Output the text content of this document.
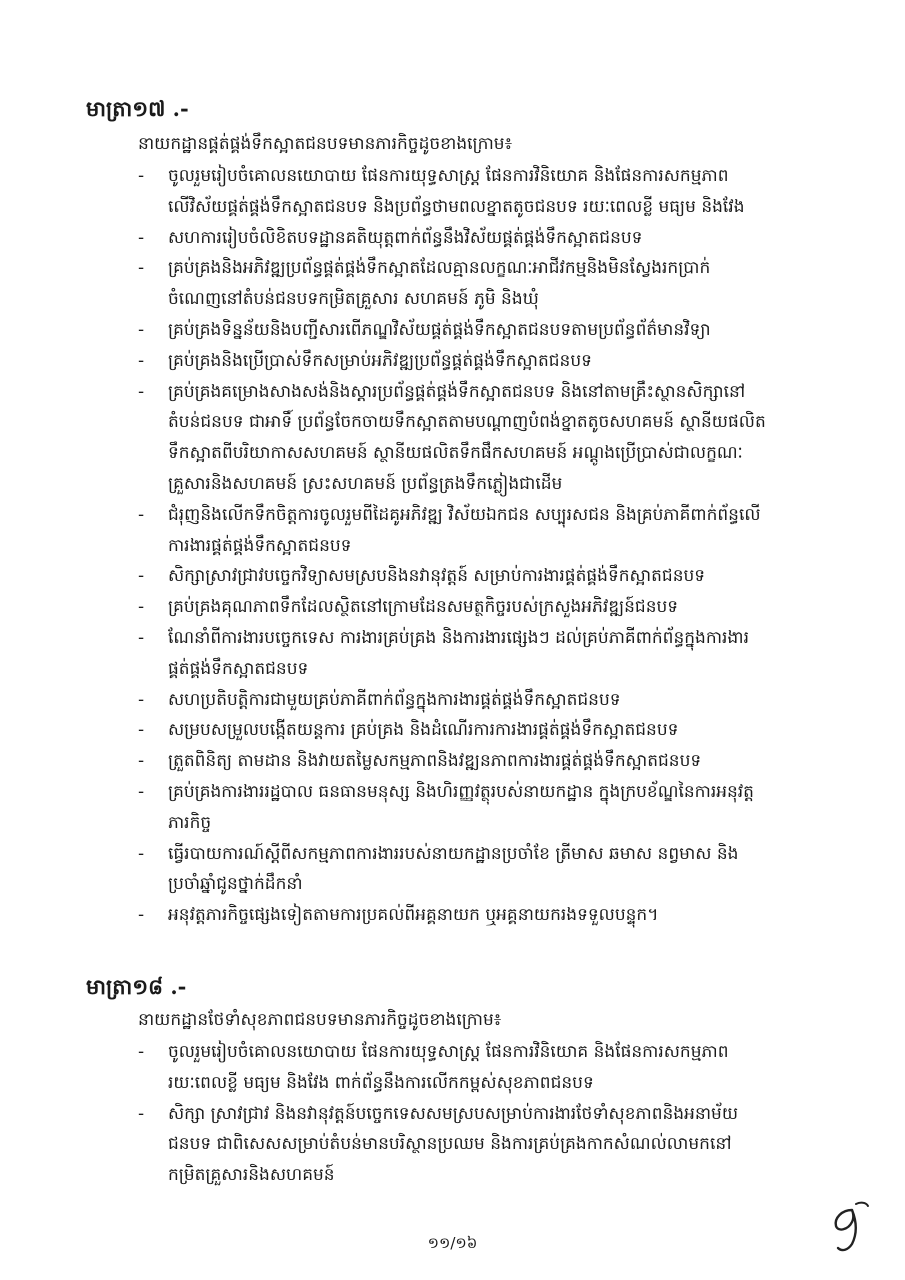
មាត្រា១៧ .-
នាយកដ្ឋានផ្គត់ផ្គង់ទឹកស្អាតជនបទមានភារកិច្ចដូចខាងក្រោម៖
- ចូលរួមរៀបចំគោលនយោបាយ ផែនការយុទ្ធសាស្ត្រ ផែនការវិនិយោគ និងផែនការសកម្មភាព
លើវិស័យផ្គត់ផ្គង់ទឹកស្អាតជនបទ និងប្រព័ន្ធថាមពលខ្នាតតូចជនបទ រយៈពេលខ្លី មធ្យម និងវែង
- សហការរៀបចំលិខិតបទដ្ឋានគតិយុត្តពាក់ព័ន្ធនឹងវិស័យផ្គត់ផ្គង់ទឹកស្អាតជនបទ
- គ្រប់គ្រងនិងអភិវឌ្ឍប្រព័ន្ធផ្គត់ផ្គង់ទឹកស្អាតដែលគ្មានលក្ខណៈអាជីវកម្មនិងមិនស្វែងរកប្រាក់
ចំណេញនៅតំបន់ជនបទកម្រិតគ្រួសារ សហគមន៍ ភូមិ និងឃុំ
- គ្រប់គ្រងទិន្នន័យនិងបញ្ជីសារពើភណ្ឌវិស័យផ្គត់ផ្គង់ទឹកស្អាតជនបទតាមប្រព័ន្ធព័ត៌មានវិទ្យា
- គ្រប់គ្រងនិងប្រើប្រាស់ទឹកសម្រាប់អភិវឌ្ឍប្រព័ន្ធផ្គត់ផ្គង់ទឹកស្អាតជនបទ
- គ្រប់គ្រងគម្រោងសាងសង់និងស្តារប្រព័ន្ធផ្គត់ផ្គង់ទឹកស្អាតជនបទ និងនៅតាមគ្រឹះស្ថានសិក្សានៅ
តំបន់ជនបទ ជាអាទិ៍ ប្រព័ន្ធចែកចាយទឹកស្អាតតាមបណ្តាញបំពង់ខ្នាតតូចសហគមន៍ ស្ថានីយផលិត
ទឹកស្អាតពីបរិយាកាសសហគមន៍ ស្ថានីយផលិតទឹកផឹកសហគមន៍ អណ្តូងប្រើប្រាស់ជាលក្ខណៈ
គ្រួសារនិងសហគមន៍ ស្រះសហគមន៍ ប្រព័ន្ធត្រងទឹកភ្លៀងជាដើម
- ជំរុញនិងលើកទឹកចិត្តការចូលរួមពីដៃគូអភិវឌ្ឍ វិស័យឯកជន សប្បុរសជន និងគ្រប់ភាគីពាក់ព័ន្ធលើ
ការងារផ្គត់ផ្គង់ទឹកស្អាតជនបទ
- សិក្សាស្រាវជ្រាវបច្ចេកវិទ្យាសមស្របនិងនវានុវត្តន៍ សម្រាប់ការងារផ្គត់ផ្គង់ទឹកស្អាតជនបទ
- គ្រប់គ្រងគុណភាពទឹកដែលស្ថិតនៅក្រោមដែនសមត្ថកិច្ចរបស់ក្រសួងអភិវឌ្ឍន៍ជនបទ
- ណែនាំពីការងារបច្ចេកទេស ការងារគ្រប់គ្រង និងការងារផ្សេងៗ ដល់គ្រប់ភាគីពាក់ព័ន្ធក្នុងការងារ
ផ្គត់ផ្គង់ទឹកស្អាតជនបទ
- សហប្រតិបត្តិការជាមួយគ្រប់ភាគីពាក់ព័ន្ធក្នុងការងារផ្គត់ផ្គង់ទឹកស្អាតជនបទ
- សម្របសម្រួលបង្កើតយន្តការ គ្រប់គ្រង និងដំណើរការការងារផ្គត់ផ្គង់ទឹកស្អាតជនបទ
- ត្រួតពិនិត្យ តាមដាន និងវាយតម្លៃសកម្មភាពនិងវឌ្ឍនភាពការងារផ្គត់ផ្គង់ទឹកស្អាតជនបទ
- គ្រប់គ្រងការងាររដ្ឋបាល ធនធានមនុស្ស និងហិរញ្ញវត្ថុរបស់នាយកដ្ឋាន ក្នុងក្របខ័ណ្ឌនៃការអនុវត្ត
ភារកិច្ច
- ធ្វើរបាយការណ៍ស្តីពីសកម្មភាពការងាររបស់នាយកដ្ឋានប្រចាំខែ ត្រីមាស ឆមាស នព្វមាស និង
ប្រចាំឆ្នាំជូនថ្នាក់ដឹកនាំ
- អនុវត្តភារកិច្ចផ្សេងទៀតតាមការប្រគល់ពីអគ្គនាយក ឬអគ្គនាយករងទទួលបន្ទុក។
មាត្រា១៨ .-
នាយកដ្ឋានថែទាំសុខភាពជនបទមានភារកិច្ចដូចខាងក្រោម៖
- ចូលរួមរៀបចំគោលនយោបាយ ផែនការយុទ្ធសាស្ត្រ ផែនការវិនិយោគ និងផែនការសកម្មភាព
រយៈពេលខ្លី មធ្យម និងវែង ពាក់ព័ន្ធនឹងការលើកកម្ពស់សុខភាពជនបទ
- សិក្សា ស្រាវជ្រាវ និងនវានុវត្តន៍បច្ចេកទេសសមស្របសម្រាប់ការងារថែទាំសុខភាពនិងអនាម័យ
ជនបទ ជាពិសេសសម្រាប់តំបន់មានបរិស្ថានប្រឈម និងការគ្រប់គ្រងកាកសំណល់លាមកនៅ
កម្រិតគ្រួសារនិងសហគមន៍
១១/១៦
